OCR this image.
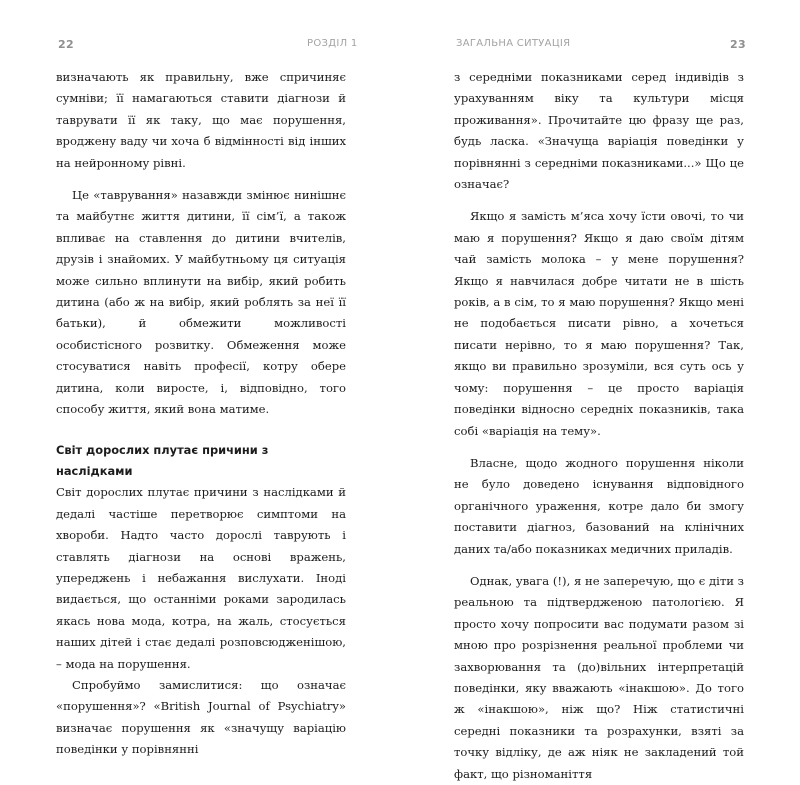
22	РОЗДІЛ 1

визначають як правильну, вже спричиняє сумніви; її намагаються ставити діагнози й таврувати її як таку, що має порушення, вроджену ваду чи хоча б відмінності від інших на нейронному рівні.

Це «таврування» назавжди змінює нинішнє та майбутнє життя дитини, її сім’ї, а також впливає на ставлення до дитини вчителів, друзів і знайомих. У майбутньому ця ситуація може сильно вплинути на вибір, який робить дитина (або ж на вибір, який роблять за неї її батьки), й обмежити можливості особистісного розвитку. Обмеження може стосуватися навіть професії, котру обере дитина, коли виросте, і, відповідно, того способу життя, який вона матиме.

Світ дорослих плутає причини з наслідками

Світ дорослих плутає причини з наслідками й дедалі частіше перетворює симптоми на хвороби. Надто часто дорослі таврують і ставлять діагнози на основі вражень, упереджень і небажання вислухати. Іноді видається, що останніми роками зародилась якась нова мода, котра, на жаль, стосується наших дітей і стає дедалі розповсюдженішою, – мода на порушення.

Спробуймо замислитися: що означає «порушення»? «British Journal of Psychiatry» визначає порушення як «значущу варіацію поведінки у порівнянні

ЗАГАЛЬНА СИТУАЦІЯ	23

з середніми показниками серед індивідів з урахуванням віку та культури місця проживання». Прочитайте цю фразу ще раз, будь ласка. «Значуща варіація поведінки у порівнянні з середніми показниками...» Що це означає?

Якщо я замість м’яса хочу їсти овочі, то чи маю я порушення? Якщо я даю своїм дітям чай замість молока – у мене порушення? Якщо я навчилася добре читати не в шість років, а в сім, то я маю порушення? Якщо мені не подобається писати рівно, а хочеться писати нерівно, то я маю порушення? Так, якщо ви правильно зрозуміли, вся суть ось у чому: порушення – це просто варіація поведінки відносно середніх показників, така собі «варіація на тему».

Власне, щодо жодного порушення ніколи не було доведено існування відповідного органічного ураження, котре дало би змогу поставити діагноз, базований на клінічних даних та/або показниках медичних приладів.

Однак, увага (!), я не заперечую, що є діти з реальною та підтвердженою патологією. Я просто хочу попросити вас подумати разом зі мною про розрізнення реальної проблеми чи захворювання та (до)вільних інтерпретацій поведінки, яку вважають «інакшою». До того ж «інакшою», ніж що? Ніж статистичні середні показники та розрахунки, взяті за точку відліку, де аж ніяк не закладений той факт, що різноманіття
